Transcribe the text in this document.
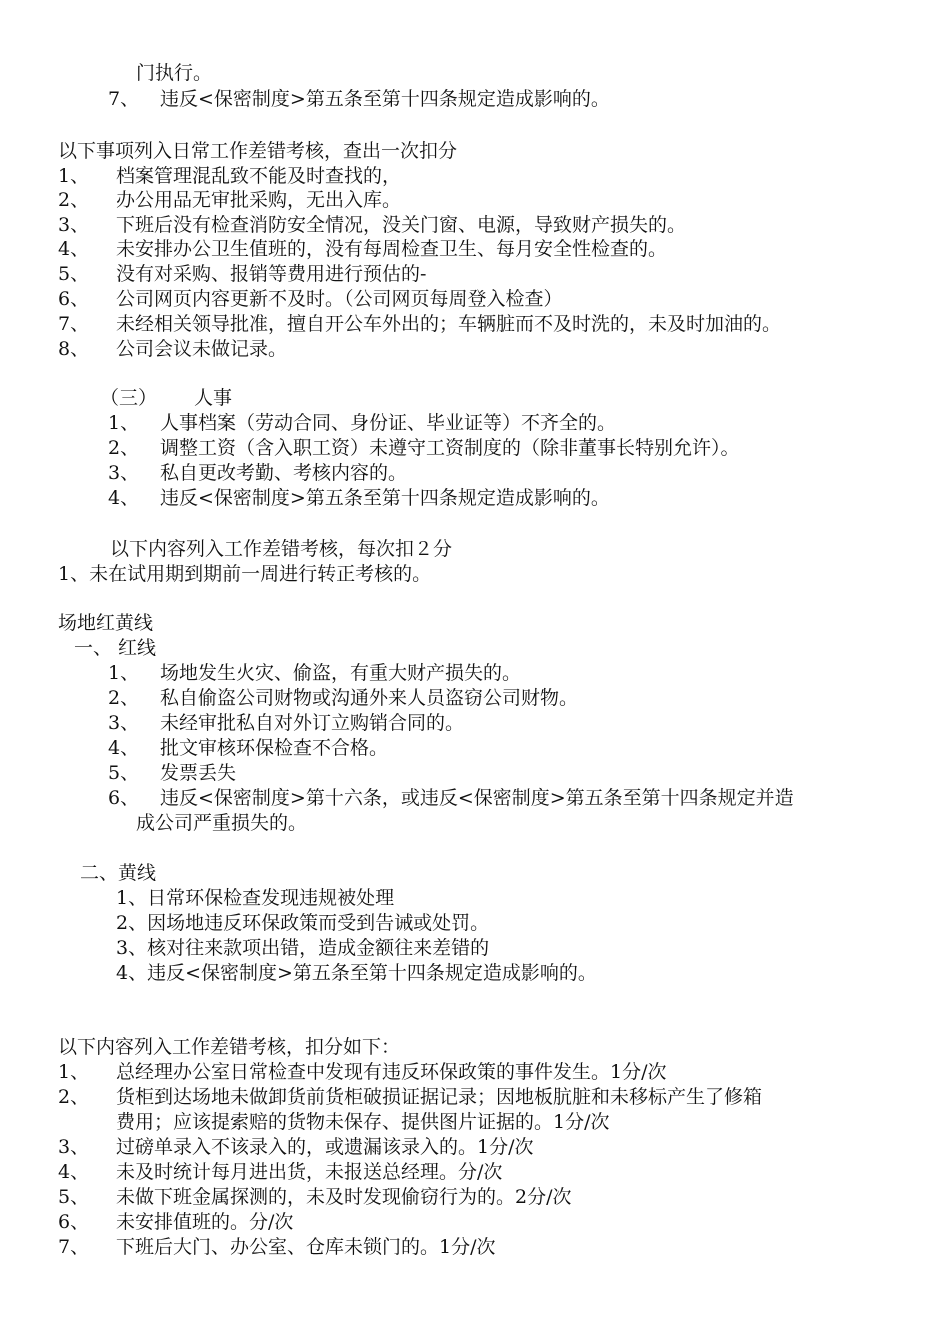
门执行。
7、 违反<保密制度>第五条至第十四条规定造成影响的。
以下事项列入日常工作差错考核，查出一次扣分
1、 档案管理混乱致不能及时查找的，
2、 办公用品无审批采购，无出入库。
3、 下班后没有检查消防安全情况，没关门窗、电源，导致财产损失的。
4、 未安排办公卫生值班的，没有每周检查卫生、每月安全性检查的。
5、 没有对采购、报销等费用进行预估的-
6、 公司网页内容更新不及时。（公司网页每周登入检查）
7、 未经相关领导批准，擅自开公车外出的；车辆脏而不及时洗的，未及时加油的。
8、 公司会议未做记录。
（三） 人事
1、 人事档案（劳动合同、身份证、毕业证等）不齐全的。
2、 调整工资（含入职工资）未遵守工资制度的（除非董事长特别允许）。
3、 私自更改考勤、考核内容的。
4、 违反<保密制度>第五条至第十四条规定造成影响的。
以下内容列入工作差错考核，每次扣２分
1、未在试用期到期前一周进行转正考核的。
场地红黄线
一、 红线
1、 场地发生火灾、偷盗，有重大财产损失的。
2、 私自偷盗公司财物或沟通外来人员盗窃公司财物。
3、 未经审批私自对外订立购销合同的。
4、 批文审核环保检查不合格。
5、 发票丢失
6、 违反<保密制度>第十六条，或违反<保密制度>第五条至第十四条规定并造
成公司严重损失的。
二、黄线
1、日常环保检查发现违规被处理
2、因场地违反环保政策而受到告诫或处罚。
3、核对往来款项出错，造成金额往来差错的
4、违反<保密制度>第五条至第十四条规定造成影响的。
以下内容列入工作差错考核，扣分如下：
1、 总经理办公室日常检查中发现有违反环保政策的事件发生。1分/次
2、 货柜到达场地未做卸货前货柜破损证据记录；因地板肮脏和未移标产生了修箱
费用；应该提索赔的货物未保存、提供图片证据的。1分/次
3、 过磅单录入不该录入的，或遗漏该录入的。1分/次
4、 未及时统计每月进出货，未报送总经理。分/次
5、 未做下班金属探测的，未及时发现偷窃行为的。2分/次
6、 未安排值班的。分/次
7、 下班后大门、办公室、仓库未锁门的。1分/次
